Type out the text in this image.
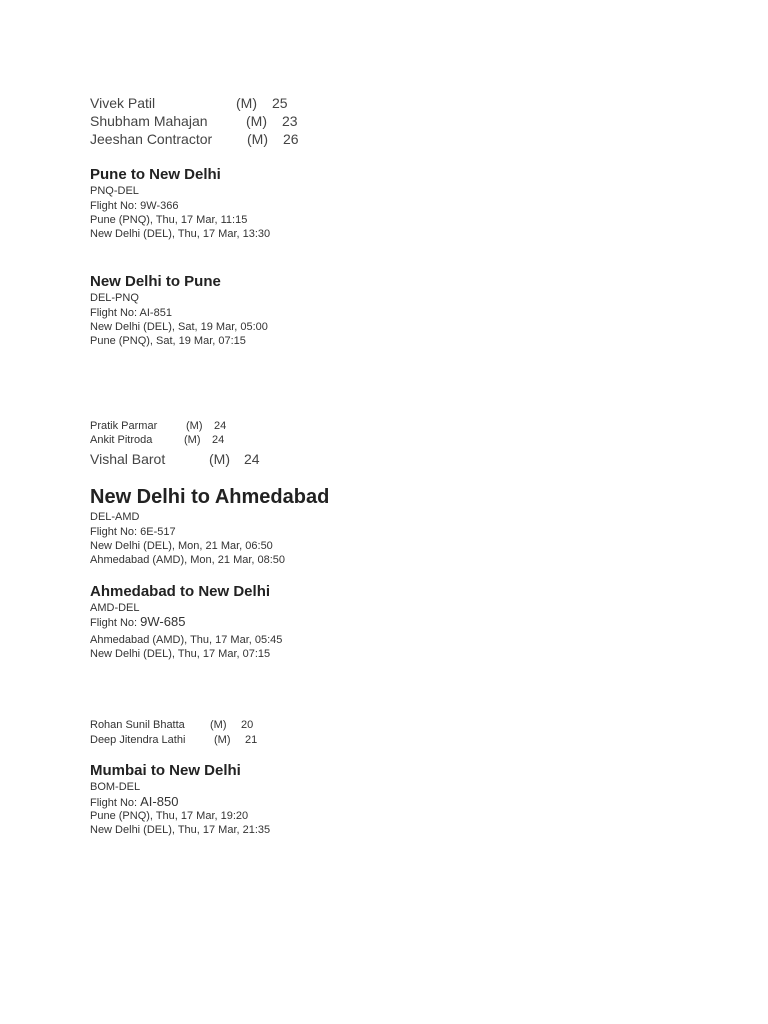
Vivek Patil	(M) 25
Shubham Mahajan	(M) 23
Jeeshan Contractor (M) 26
Pune to New Delhi
PNQ-DEL
Flight No: 9W-366
Pune (PNQ), Thu, 17 Mar, 11:15
New Delhi (DEL), Thu, 17 Mar, 13:30
New Delhi to Pune
DEL-PNQ
Flight No: AI-851
New Delhi (DEL), Sat, 19 Mar, 05:00
Pune (PNQ), Sat, 19 Mar, 07:15
Pratik Parmar	(M) 24
Ankit Pitroda	(M) 24
Vishal Barot	(M) 24
New Delhi to Ahmedabad
DEL-AMD
Flight No: 6E-517
New Delhi (DEL), Mon, 21 Mar, 06:50
Ahmedabad (AMD), Mon, 21 Mar, 08:50
Ahmedabad to New Delhi
AMD-DEL
Flight No: 9W-685
Ahmedabad (AMD), Thu, 17 Mar, 05:45
New Delhi (DEL), Thu, 17 Mar, 07:15
Rohan Sunil Bhatta (M) 20
Deep Jitendra Lathi	(M) 21
Mumbai to New Delhi
BOM-DEL
Flight No: AI-850
Pune (PNQ), Thu, 17 Mar, 19:20
New Delhi (DEL), Thu, 17 Mar, 21:35
